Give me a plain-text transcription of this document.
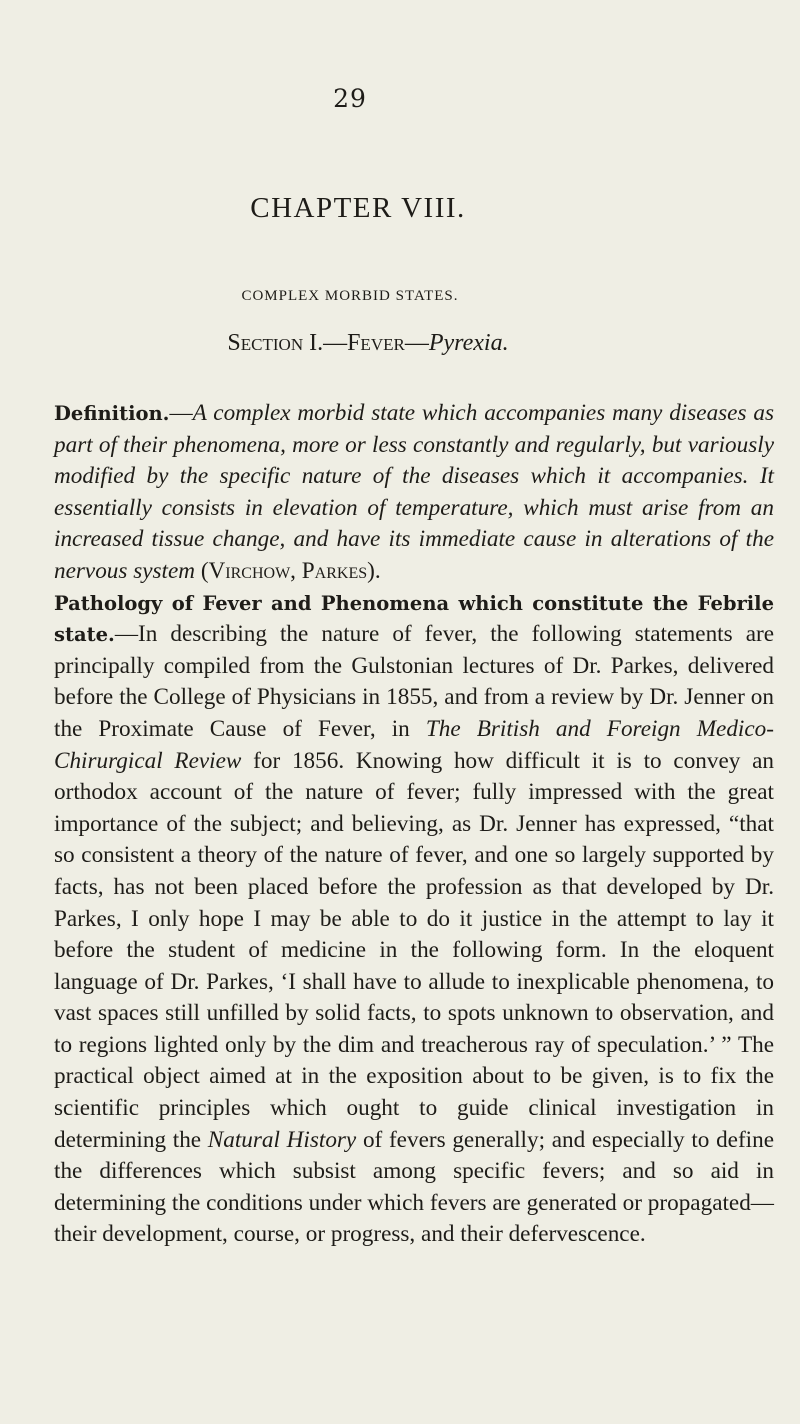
29
CHAPTER VIII.
COMPLEX MORBID STATES.
Section I.—Fever—Pyrexia.

Definition.—A complex morbid state which accompanies many diseases as part of their phenomena, more or less constantly and regularly, but variously modified by the specific nature of the diseases which it accompanies. It essentially consists in elevation of temperature, which must arise from an increased tissue change, and have its immediate cause in alterations of the nervous system (Virchow, Parkes).

Pathology of Fever and Phenomena which constitute the Febrile state.—In describing the nature of fever, the following statements are principally compiled from the Gulstonian lectures of Dr. Parkes, delivered before the College of Physicians in 1855, and from a review by Dr. Jenner on the Proximate Cause of Fever, in The British and Foreign Medico-Chirurgical Review for 1856. Knowing how difficult it is to convey an orthodox account of the nature of fever; fully impressed with the great importance of the subject; and believing, as Dr. Jenner has expressed, “that so consistent a theory of the nature of fever, and one so largely supported by facts, has not been placed before the profession as that developed by Dr. Parkes, I only hope I may be able to do it justice in the attempt to lay it before the student of medicine in the following form. In the eloquent language of Dr. Parkes, ‘I shall have to allude to inexplicable phenomena, to vast spaces still unfilled by solid facts, to spots unknown to observation, and to regions lighted only by the dim and treacherous ray of speculation.’ ” The practical object aimed at in the exposition about to be given, is to fix the scientific principles which ought to guide clinical investigation in determining the Natural History of fevers generally; and especially to define the differences which subsist among specific fevers; and so aid in determining the conditions under which fevers are generated or propagated—their development, course, or progress, and their defervescence.
